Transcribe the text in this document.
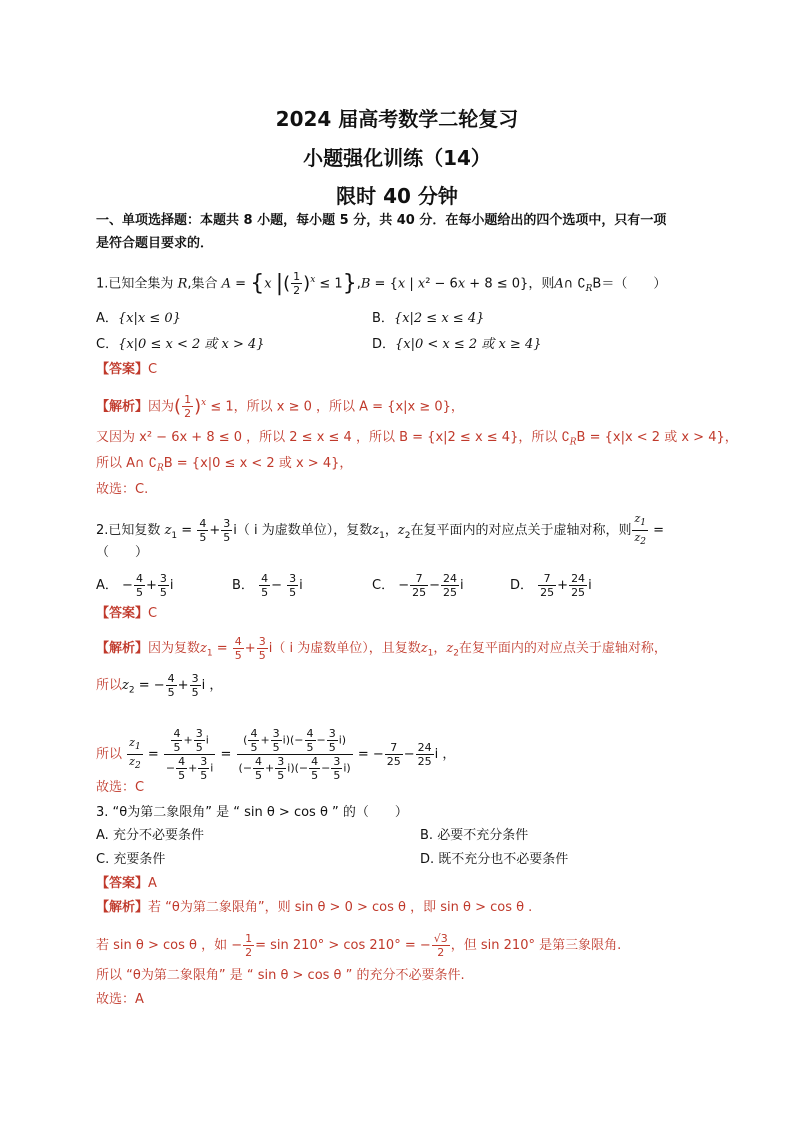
2024 届高考数学二轮复习
小题强化训练（14）
限时 40 分钟
一、单项选择题：本题共 8 小题，每小题 5 分，共 40 分．在每小题给出的四个选项中，只有一项
是符合题目要求的．
1.已知全集为 R,集合 A = {x |( $\frac{1}{2} )^x \le 1\},B = \{x$ | x² − 6x + 8 ≤ 0}，则A∩ $∁_RB=$（　　）
A．{x|x ≤ 0}	B．{x|2 ≤ x ≤ 4}
C．{x|0 ≤ x < 2 或 x > 4}	D．{x|0 < x ≤ 2 或 x ≥ 4}
【答案】C
【解析】因为( $\frac{1}{2} )^x \le 1$，所以 x ≥ 0 ，所以 A = {x|x ≥ 0}，
又因为 x² − 6x + 8 ≤ 0 ，所以 2 ≤ x ≤ 4 ，所以 B = {x|2 ≤ x ≤ 4}，所以 $∁_RB = \{x|x < 2$ 或 x > 4}，
所以 A∩ $∁_RB = \{x|0 \le x < 2$ 或 x > 4}，
故选：C.
2.已知复数 $z_1 = \frac{4}{5} + \frac{3}{5} i$（ i 为虚数单位），复数$z_1$，$z_2$在复平面内的对应点关于虚轴对称，则 $\frac{z_1}{z_2}$ =
（　　）
A． − $\frac{4}{5} + \frac{3}{5}$ i	B． $\frac{4}{5} - \frac{3}{5}$ i	C． − $\frac{7}{25} - \frac{24}{25}$ i	D． $\frac{7}{25} + \frac{24}{25}$ i
【答案】C
【解析】因为复数$z_1 = \frac{4}{5} + \frac{3}{5} i$（ i 为虚数单位），且复数$z_1$，$z_2$在复平面内的对应点关于虚轴对称，
所以$z_2$ = − $\frac{4}{5} + \frac{3}{5}$ i ，
所以 $\frac{z_1}{z_2} = \frac{\frac{4}{5} + \frac{3}{5} i}{- \frac{4}{5} + \frac{3}{5} i} = \frac{( \frac{4}{5} + \frac{3}{5} i)(- \frac{4}{5} - \frac{3}{5} i)}{(- \frac{4}{5} + \frac{3}{5} i)(- \frac{4}{5} - \frac{3}{5} i)}$ = − $\frac{7}{25} - \frac{24}{25}$ i ，
故选：C
3. “θ为第二象限角” 是 “ sin θ > cos θ ” 的（　　）
A. 充分不必要条件	B. 必要不充分条件
C. 充要条件	D. 既不充分也不必要条件
【答案】A
【解析】若 “θ为第二象限角”，则 sin θ > 0 > cos θ ，即 sin θ > cos θ .
若 sin θ > cos θ ，如 − $\frac{1}{2} = \sin 210^\circ > \cos 210^\circ$ = − $\frac{√3}{2}$ ，但 sin 210° 是第三象限角.
所以 “θ为第二象限角” 是 “ sin θ > cos θ ” 的充分不必要条件.
故选：A
